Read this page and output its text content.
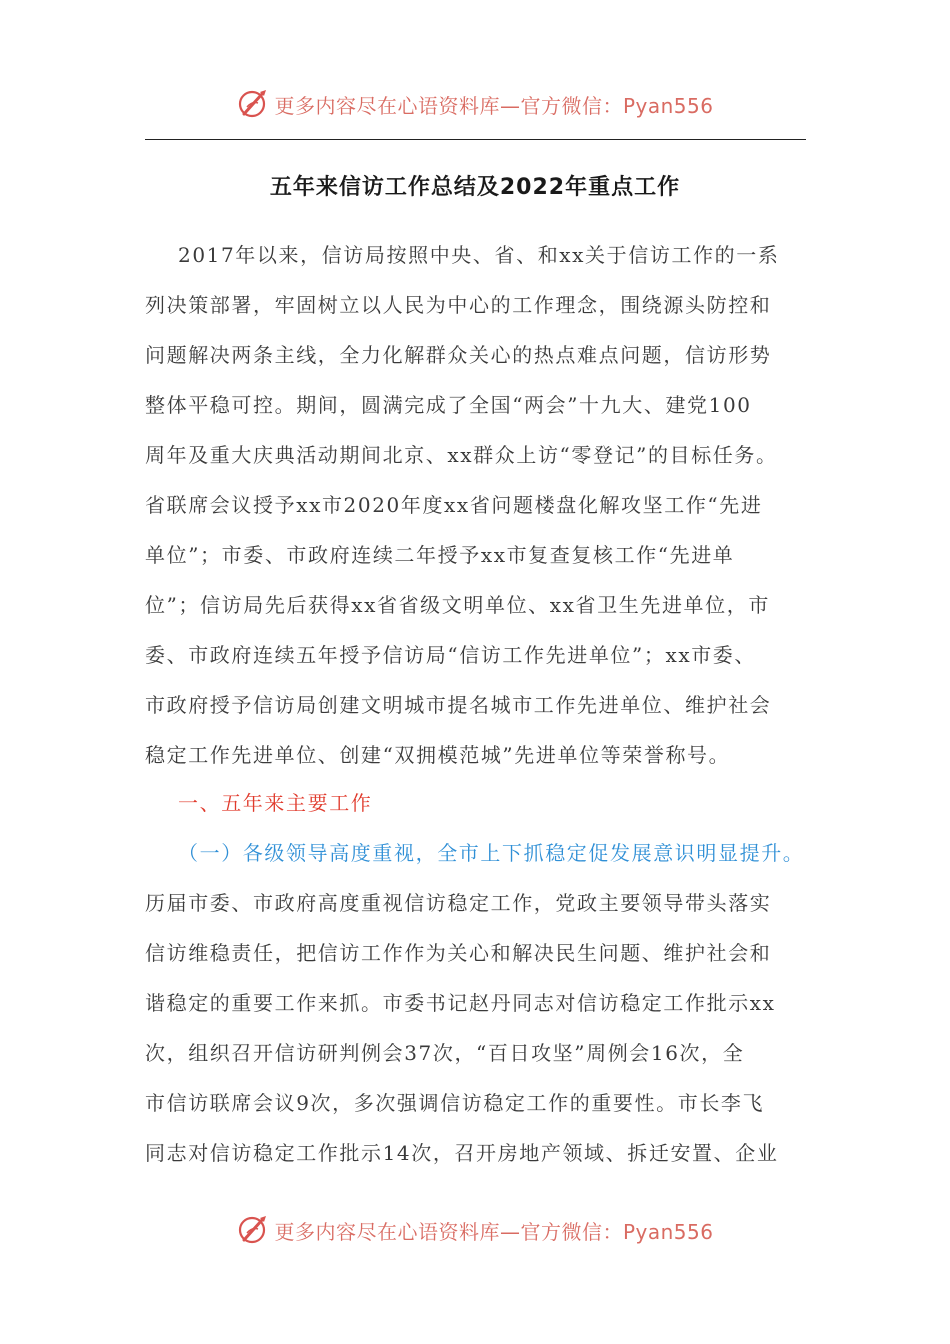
更多内容尽在心语资料库—官方微信：Pyan556
五年来信访工作总结及2022年重点工作
2017年以来，信访局按照中央、省、和xx关于信访工作的一系
列决策部署，牢固树立以人民为中心的工作理念，围绕源头防控和
问题解决两条主线，全力化解群众关心的热点难点问题，信访形势
整体平稳可控。期间，圆满完成了全国“两会”十九大、建党100
周年及重大庆典活动期间北京、xx群众上访“零登记”的目标任务。
省联席会议授予xx市2020年度xx省问题楼盘化解攻坚工作“先进
单位”；市委、市政府连续二年授予xx市复查复核工作“先进单
位”；信访局先后获得xx省省级文明单位、xx省卫生先进单位，市
委、市政府连续五年授予信访局“信访工作先进单位”；xx市委、
市政府授予信访局创建文明城市提名城市工作先进单位、维护社会
稳定工作先进单位、创建“双拥模范城”先进单位等荣誉称号。
一、五年来主要工作
（一）各级领导高度重视，全市上下抓稳定促发展意识明显提升。
历届市委、市政府高度重视信访稳定工作，党政主要领导带头落实
信访维稳责任，把信访工作作为关心和解决民生问题、维护社会和
谐稳定的重要工作来抓。市委书记赵丹同志对信访稳定工作批示xx
次，组织召开信访研判例会37次，“百日攻坚”周例会16次，全
市信访联席会议9次，多次强调信访稳定工作的重要性。市长李飞
同志对信访稳定工作批示14次，召开房地产领域、拆迁安置、企业
更多内容尽在心语资料库—官方微信：Pyan556
